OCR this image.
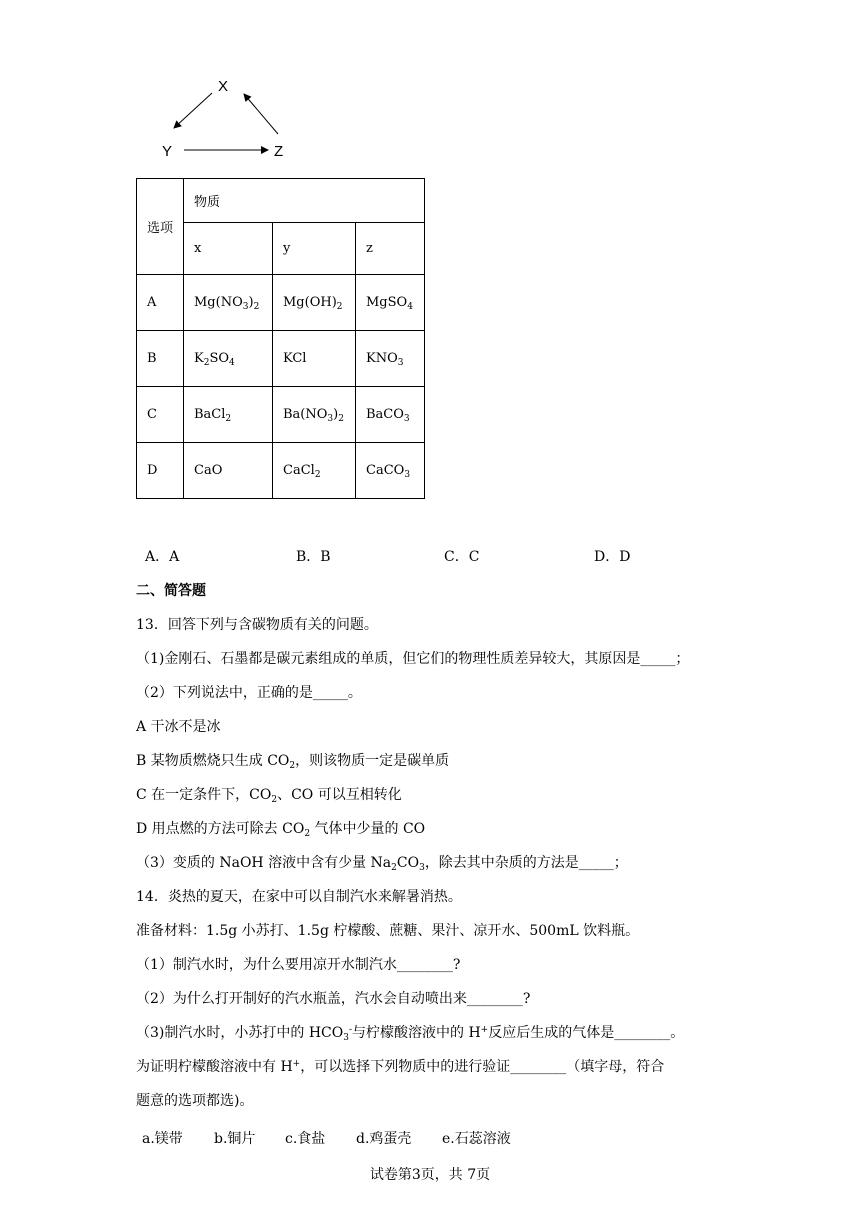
X
Y	Z
选项	物质		
	x	y	z
A	$Mg(NO_3)_2$	$Mg(OH)_2$	MgSO$_4$
B	$K_2SO_4$	KCl	$KNO_3$
C	BaCl$_2$	$Ba(NO_3)_2$	BaCO$_3$
D	CaO	CaCl$_2$	CaCO$_3$
A．A	B．B	C．C	D．D
二、简答题
13．回答下列与含碳物质有关的问题。
（1)金刚石、石墨都是碳元素组成的单质，但它们的物理性质差异较大，其原因是_____；
（2）下列说法中，正确的是_____。
A 干冰不是冰
B 某物质燃烧只生成 $CO_2$，则该物质一定是碳单质
C 在一定条件下，$CO_2$、CO 可以互相转化
D 用点燃的方法可除去 $CO_2$ 气体中少量的 CO
（3）变质的 NaOH 溶液中含有少量 $Na_2CO_3$，除去其中杂质的方法是_____；
14．炎热的夏天，在家中可以自制汽水来解暑消热。
准备材料：1.5g 小苏打、1.5g 柠檬酸、蔗糖、果汁、凉开水、500mL 饮料瓶。
（1）制汽水时，为什么要用凉开水制汽水________?
（2）为什么打开制好的汽水瓶盖，汽水会自动喷出来________?
（3)制汽水时，小苏打中的 $HCO_3^-$与柠檬酸溶液中的 H+反应后生成的气体是________。
为证明柠檬酸溶液中有 H+，可以选择下列物质中的进行验证________（填字母，符合
题意的选项都选)。
a.镁带 b.铜片 c.食盐 d.鸡蛋壳 e.石蕊溶液
试卷第3页，共 7页
